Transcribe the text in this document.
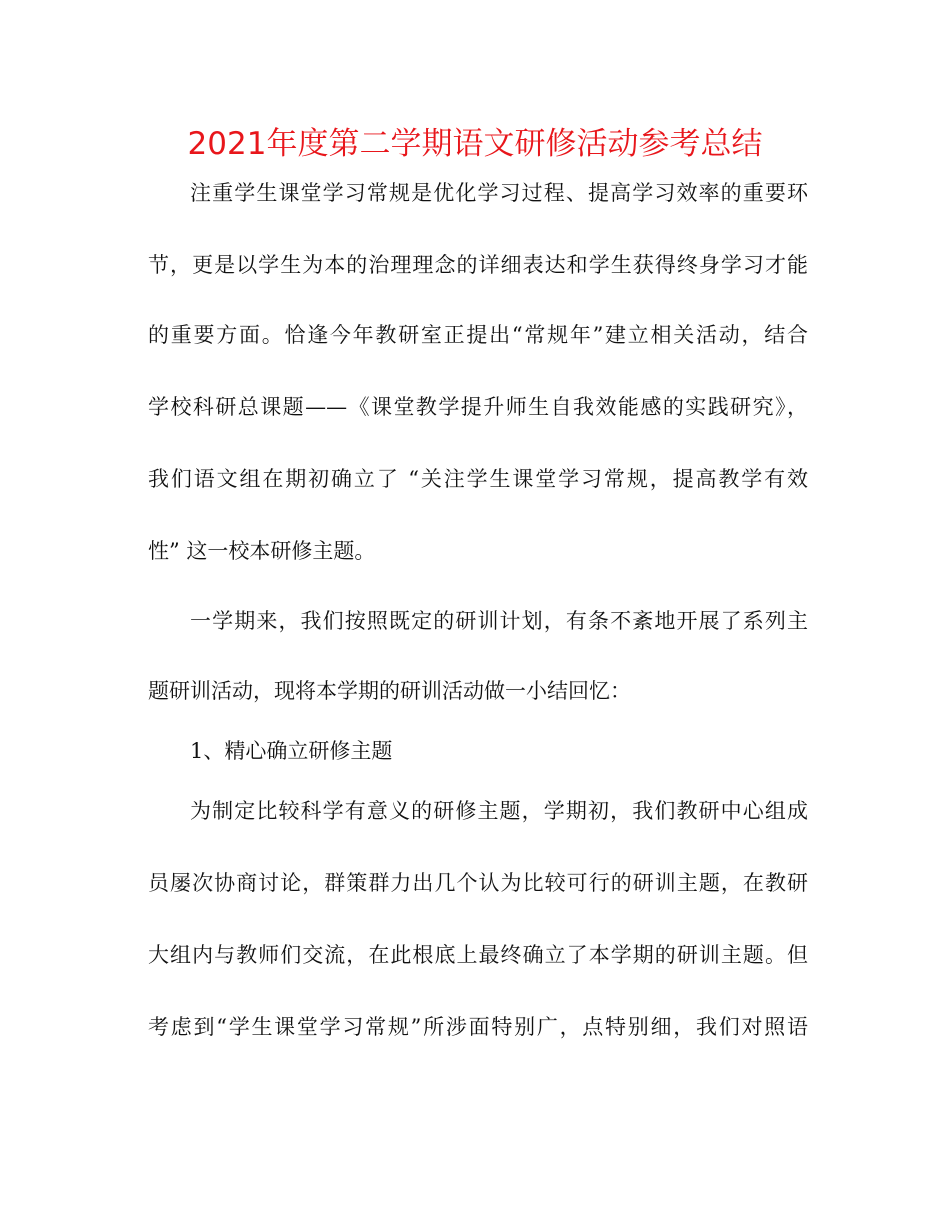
2021年度第二学期语文研修活动参考总结
注重学生课堂学习常规是优化学习过程、提高学习效率的重要环
节，更是以学生为本的治理理念的详细表达和学生获得终身学习才能
的重要方面。恰逢今年教研室正提出“常规年”建立相关活动，结合
学校科研总课题——《课堂教学提升师生自我效能感的实践研究》，
我们语文组在期初确立了 “关注学生课堂学习常规，提高教学有效
性” 这一校本研修主题。
一学期来，我们按照既定的研训计划，有条不紊地开展了系列主
题研训活动，现将本学期的研训活动做一小结回忆：
1、精心确立研修主题
为制定比较科学有意义的研修主题，学期初，我们教研中心组成
员屡次协商讨论，群策群力出几个认为比较可行的研训主题，在教研
大组内与教师们交流，在此根底上最终确立了本学期的研训主题。但
考虑到“学生课堂学习常规”所涉面特别广，点特别细，我们对照语
